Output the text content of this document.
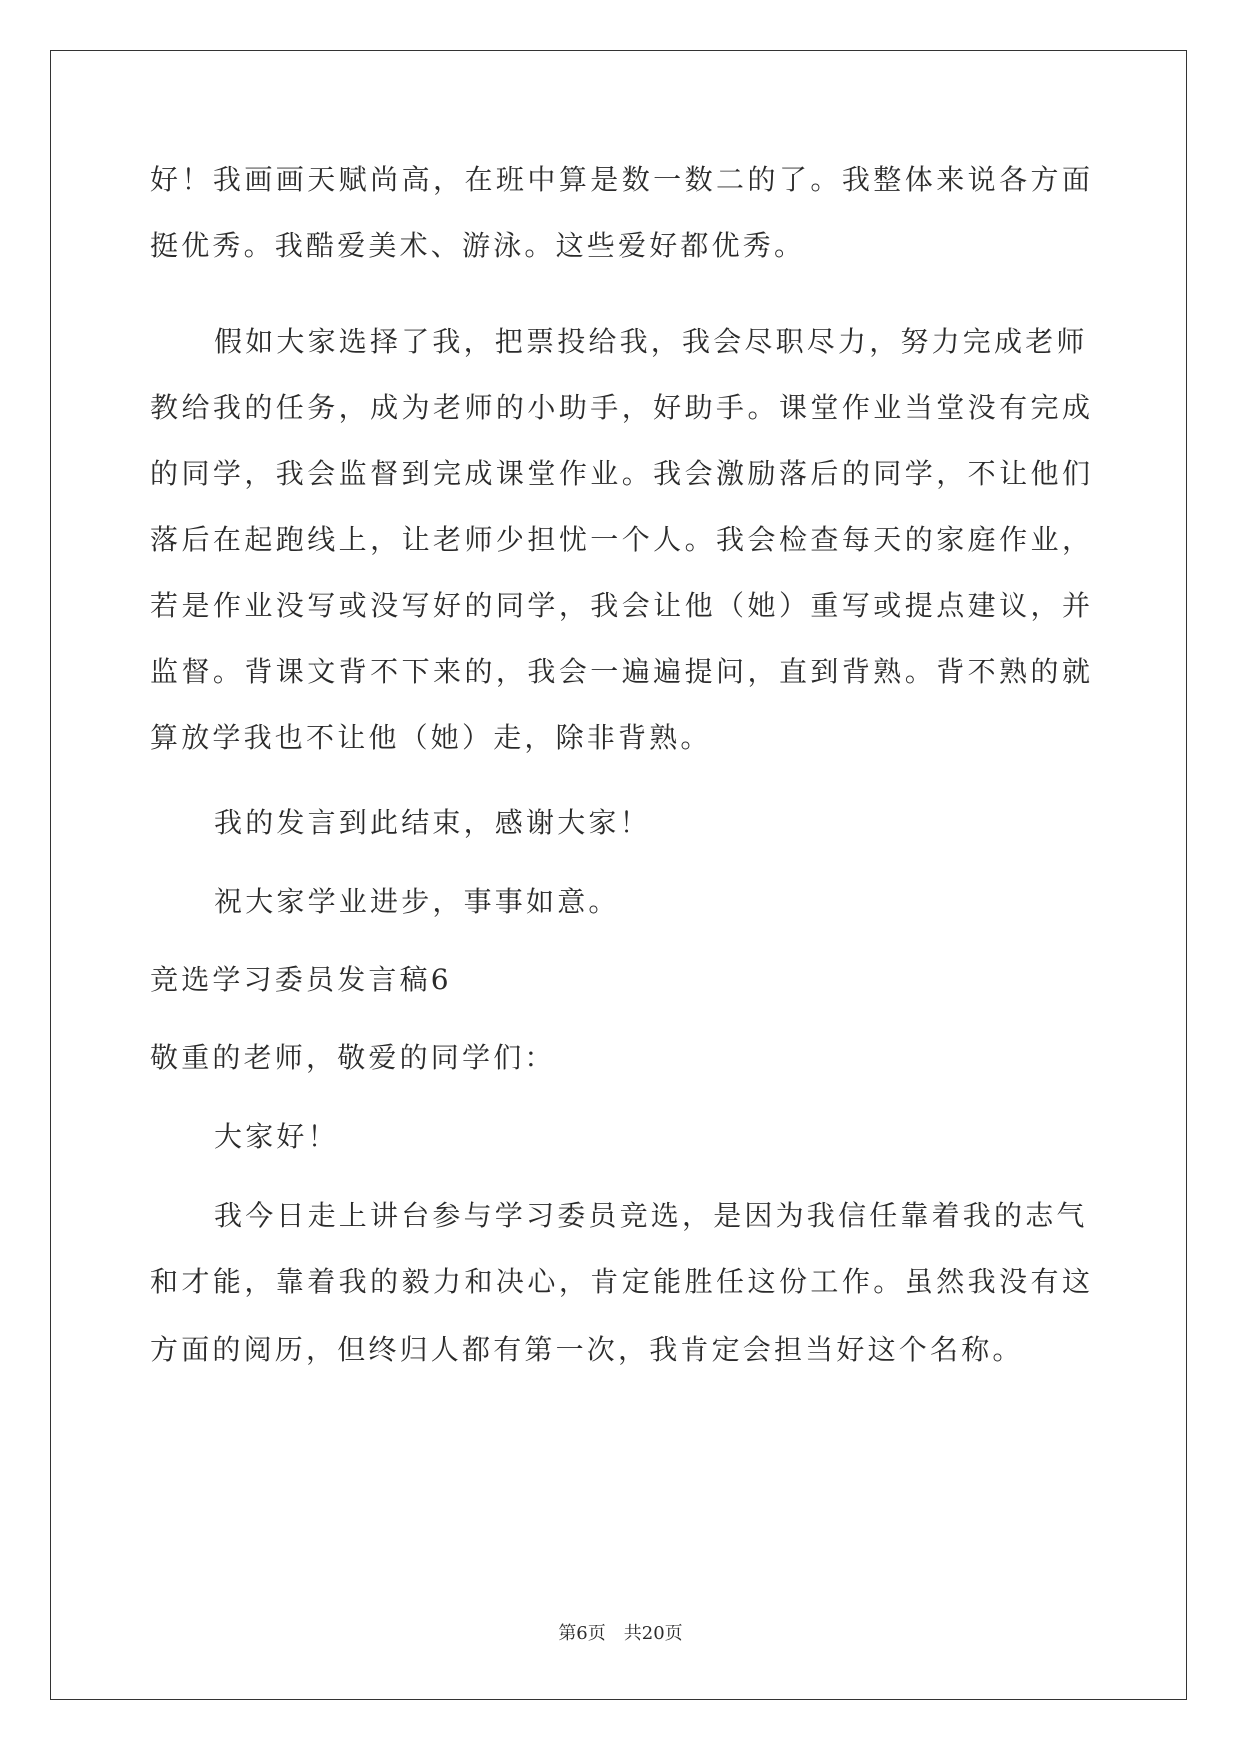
好！我画画天赋尚高，在班中算是数一数二的了。我整体来说各方面
挺优秀。我酷爱美术、游泳。这些爱好都优秀。
假如大家选择了我，把票投给我，我会尽职尽力，努力完成老师
教给我的任务，成为老师的小助手，好助手。课堂作业当堂没有完成
的同学，我会监督到完成课堂作业。我会激励落后的同学，不让他们
落后在起跑线上，让老师少担忧一个人。我会检查每天的家庭作业，
若是作业没写或没写好的同学，我会让他（她）重写或提点建议，并
监督。背课文背不下来的，我会一遍遍提问，直到背熟。背不熟的就
算放学我也不让他（她）走，除非背熟。
我的发言到此结束，感谢大家！
祝大家学业进步，事事如意。
竞选学习委员发言稿6
敬重的老师，敬爱的同学们：
大家好！
我今日走上讲台参与学习委员竞选，是因为我信任靠着我的志气
和才能，靠着我的毅力和决心，肯定能胜任这份工作。虽然我没有这
方面的阅历，但终归人都有第一次，我肯定会担当好这个名称。
第6页 共20页
